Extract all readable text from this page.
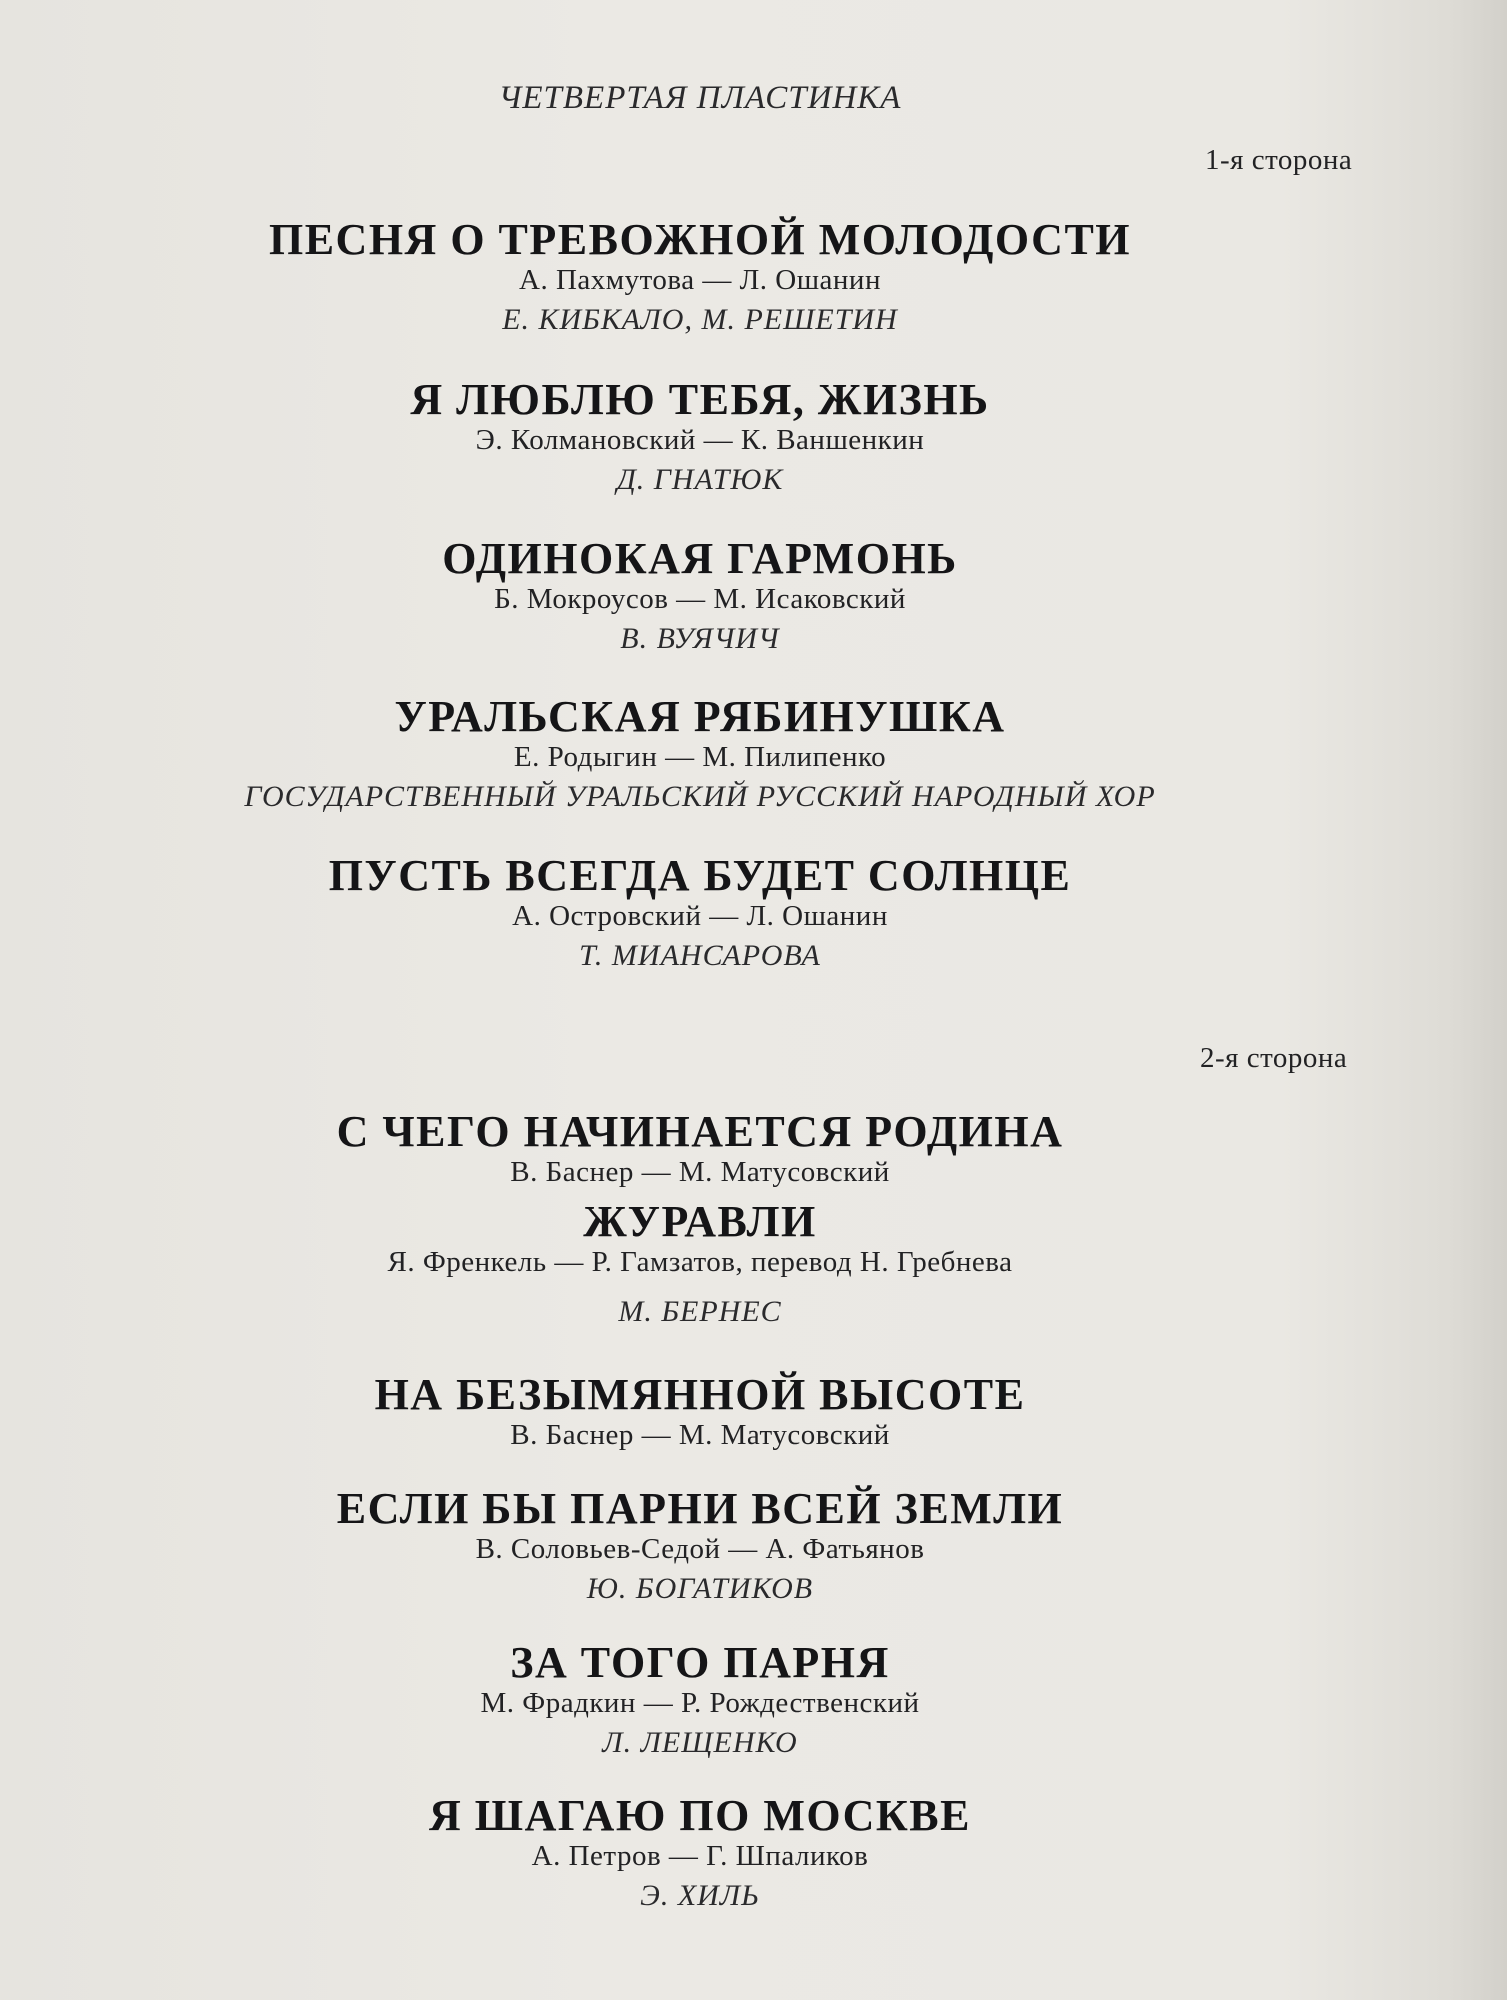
ЧЕТВЕРТАЯ ПЛАСТИНКА
1-я сторона
ПЕСНЯ О ТРЕВОЖНОЙ МОЛОДОСТИ
А. Пахмутова — Л. Ошанин
Е. КИБКАЛО, М. РЕШЕТИН
Я ЛЮБЛЮ ТЕБЯ, ЖИЗНЬ
Э. Колмановский — К. Ваншенкин
Д. ГНАТЮК
ОДИНОКАЯ ГАРМОНЬ
Б. Мокроусов — М. Исаковский
В. ВУЯЧИЧ
УРАЛЬСКАЯ РЯБИНУШКА
Е. Родыгин — М. Пилипенко
ГОСУДАРСТВЕННЫЙ УРАЛЬСКИЙ РУССКИЙ НАРОДНЫЙ ХОР
ПУСТЬ ВСЕГДА БУДЕТ СОЛНЦЕ
А. Островский — Л. Ошанин
Т. МИАНСАРОВА
2-я сторона
С ЧЕГО НАЧИНАЕТСЯ РОДИНА
В. Баснер — М. Матусовский
ЖУРАВЛИ
Я. Френкель — Р. Гамзатов, перевод Н. Гребнева
М. БЕРНЕС
НА БЕЗЫМЯННОЙ ВЫСОТЕ
В. Баснер — М. Матусовский
ЕСЛИ БЫ ПАРНИ ВСЕЙ ЗЕМЛИ
В. Соловьев-Седой — А. Фатьянов
Ю. БОГАТИКОВ
ЗА ТОГО ПАРНЯ
М. Фрадкин — Р. Рождественский
Л. ЛЕЩЕНКО
Я ШАГАЮ ПО МОСКВЕ
А. Петров — Г. Шпаликов
Э. ХИЛЬ
